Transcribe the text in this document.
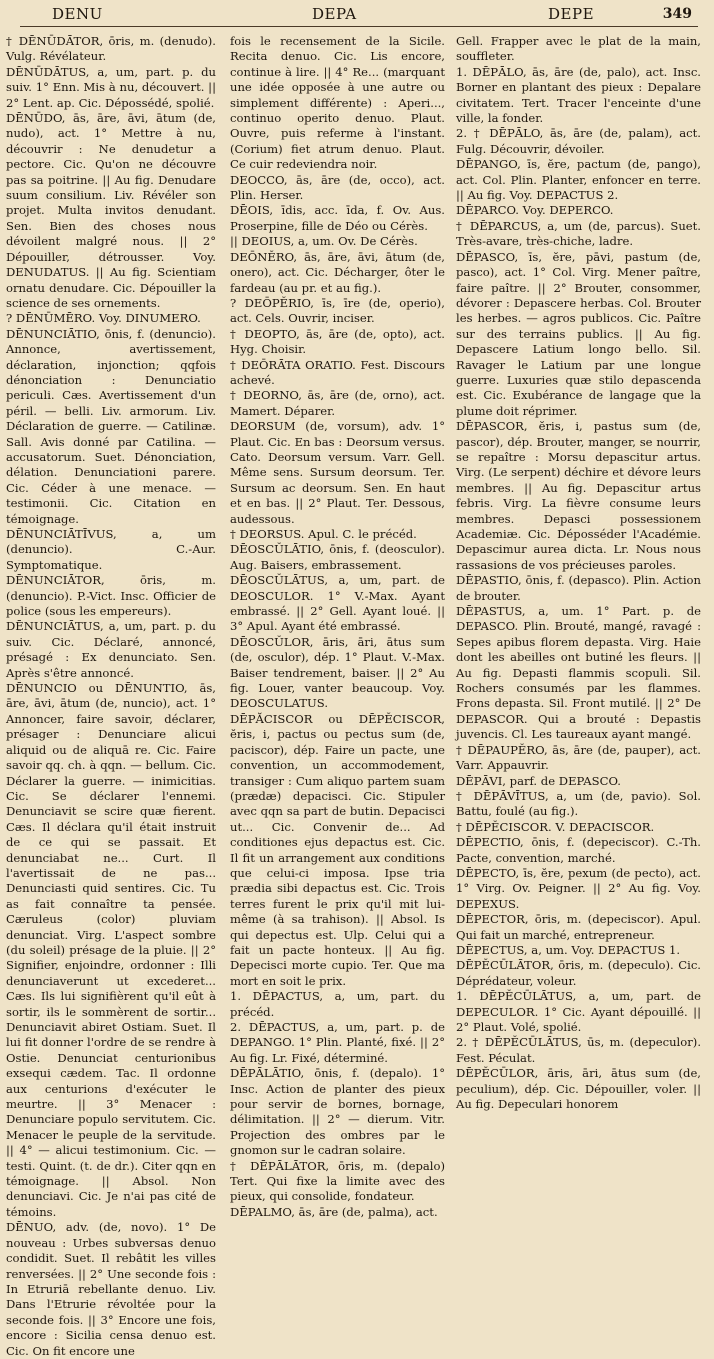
DENU	DEPA	DEPE	349

† DĒNŪDĀTOR, ōris, m. (denudo). Vulg. Révélateur.

DĒNŪDĀTUS, a, um, part. p. du suiv. 1° Enn. Mis à nu, découvert. || 2° Lent. ap. Cic. Dépossédé, spolié.

DĒNŪDO, ās, āre, āvi, ātum (de, nudo), act. 1° Mettre à nu, découvrir : Ne denudetur a pectore. Cic. Qu'on ne découvre pas sa poitrine. || Au fig. Denudare suum consilium. Liv. Révéler son projet. Multa invitos denudant. Sen. Bien des choses nous dévoilent malgré nous. || 2° Dépouiller, détrousser. Voy. DENUDATUS. || Au fig. Scientiam ornatu denudare. Cic. Dépouiller la science de ses ornements.

? DĒNŪMĒRO. Voy. DINUMERO.

DĒNUNCIĀTIO, ōnis, f. (denuncio). Annonce, avertissement, déclaration, injonction; qqfois dénonciation : Denunciatio periculi. Cæs. Avertissement d'un péril. — belli. Liv. armorum. Liv. Déclaration de guerre. — Catilinæ. Sall. Avis donné par Catilina. — accusatorum. Suet. Dénonciation, délation. Denunciationi parere. Cic. Céder à une menace. — testimonii. Cic. Citation en témoignage.

DĒNUNCIĀTĪVUS, a, um (denuncio). C.-Aur. Symptomatique.

DĒNUNCIĀTOR, ōris, m. (denuncio). P.-Vict. Insc. Officier de police (sous les empereurs).

DĒNUNCIĀTUS, a, um, part. p. du suiv. Cic. Déclaré, annoncé, présagé : Ex denunciato. Sen. Après s'être annoncé.

DĒNUNCIO ou DĒNUNTIO, ās, āre, āvi, ātum (de, nuncio), act. 1° Annoncer, faire savoir, déclarer, présager : Denunciare alicui aliquid ou de aliquā re. Cic. Faire savoir qq. ch. à qqn. — bellum. Cic. Déclarer la guerre. — inimicitias. Cic. Se déclarer l'ennemi. Denunciavit se scire quæ fierent. Cæs. Il déclara qu'il était instruit de ce qui se passait. Et denunciabat ne... Curt. Il l'avertissait de ne pas... Denunciasti quid sentires. Cic. Tu as fait connaître ta pensée. Cæruleus (color) pluviam denunciat. Virg. L'aspect sombre (du soleil) présage de la pluie. || 2° Signifier, enjoindre, ordonner : Illi denunciaverunt ut excederet... Cæs. Ils lui signifièrent qu'il eût à sortir, ils le sommèrent de sortir... Denunciavit abiret Ostiam. Suet. Il lui fit donner l'ordre de se rendre à Ostie. Denunciat centurionibus exsequi cædem. Tac. Il ordonne aux centurions d'exécuter le meurtre. || 3° Menacer : Denunciare populo servitutem. Cic. Menacer le peuple de la servitude. || 4° — alicui testimonium. Cic. — testi. Quint. (t. de dr.). Citer qqn en témoignage. || Absol. Non denunciavi. Cic. Je n'ai pas cité de témoins.

DĒNUO, adv. (de, novo). 1° De nouveau : Urbes subversas denuo condidit. Suet. Il rebâtit les villes renversées. || 2° Une seconde fois : In Etruriā rebellante denuo. Liv. Dans l'Etrurie révoltée pour la seconde fois. || 3° Encore une fois, encore : Sicilia censa denuo est. Cic. On fit encore une

fois le recensement de la Sicile. Recita denuo. Cic. Lis encore, continue à lire. || 4° Re... (marquant une idée opposée à une autre ou simplement différente) : Aperi..., continuo operito denuo. Plaut. Ouvre, puis referme à l'instant. (Corium) fiet atrum denuo. Plaut. Ce cuir redeviendra noir.

DEOCCO, ās, āre (de, occo), act. Plin. Herser.

DĒOIS, īdis, acc. īda, f. Ov. Aus. Proserpine, fille de Déo ou Cérès.

|| DEOIUS, a, um. Ov. De Cérès.

DEŌNĔRO, ās, āre, āvi, ātum (de, onero), act. Cic. Décharger, ôter le fardeau (au pr. et au fig.).

? DEŌPĔRIO, īs, īre (de, operio), act. Cels. Ouvrir, inciser.

† DEOPTO, ās, āre (de, opto), act. Hyg. Choisir.

† DEŌRĀTA ORATIO. Fest. Discours achevé.

† DEORNO, ās, āre (de, orno), act. Mamert. Déparer.

DEORSUM (de, vorsum), adv. 1° Plaut. Cic. En bas : Deorsum versus. Cato. Deorsum versum. Varr. Gell. Même sens. Sursum deorsum. Ter. Sursum ac deorsum. Sen. En haut et en bas. || 2° Plaut. Ter. Dessous, audessous.

† DEORSUS. Apul. C. le précéd.

DĒOSCŬLĀTIO, ōnis, f. (deosculor). Aug. Baisers, embrassement.

DĒOSCŬLĀTUS, a, um, part. de DEOSCULOR. 1° V.-Max. Ayant embrassé. || 2° Gell. Ayant loué. || 3° Apul. Ayant été embrassé.

DĒOSCŬLOR, āris, āri, ātus sum (de, osculor), dép. 1° Plaut. V.-Max. Baiser tendrement, baiser. || 2° Au fig. Louer, vanter beaucoup. Voy. DEOSCULATUS.

DĒPĂCISCOR ou DĒPĔCISCOR, ĕris, i, pactus ou pectus sum (de, paciscor), dép. Faire un pacte, une convention, un accommodement, transiger : Cum aliquo partem suam (prædæ) depacisci. Cic. Stipuler avec qqn sa part de butin. Depacisci ut... Cic. Convenir de... Ad conditiones ejus depactus est. Cic. Il fit un arrangement aux conditions que celui-ci imposa. Ipse tria prædia sibi depactus est. Cic. Trois terres furent le prix qu'il mit lui-même (à sa trahison). || Absol. Is qui depectus est. Ulp. Celui qui a fait un pacte honteux. || Au fig. Depecisci morte cupio. Ter. Que ma mort en soit le prix.

1. DĒPACTUS, a, um, part. du précéd.

2. DĒPACTUS, a, um, part. p. de DEPANGO. 1° Plin. Planté, fixé. || 2° Au fig. Lr. Fixé, déterminé.

DĒPĀLĀTIO, ōnis, f. (depalo). 1° Insc. Action de planter des pieux pour servir de bornes, bornage, délimitation. || 2° — dierum. Vitr. Projection des ombres par le gnomon sur le cadran solaire.

† DĒPĀLĀTOR, ōris, m. (depalo) Tert. Qui fixe la limite avec des pieux, qui consolide, fondateur.

DĒPALMO, ās, āre (de, palma), act.

Gell. Frapper avec le plat de la main, souffleter.

1. DĒPĀLO, ās, āre (de, palo), act. Insc. Borner en plantant des pieux : Depalare civitatem. Tert. Tracer l'enceinte d'une ville, la fonder.

2. † DĒPĀLO, ās, āre (de, palam), act. Fulg. Découvrir, dévoiler.

DĒPANGO, īs, ĕre, pactum (de, pango), act. Col. Plin. Planter, enfoncer en terre. || Au fig. Voy. DEPACTUS 2.

DĒPARCO. Voy. DEPERCO.

† DĒPARCUS, a, um (de, parcus). Suet. Très-avare, très-chiche, ladre.

DĒPASCO, īs, ĕre, pāvi, pastum (de, pasco), act. 1° Col. Virg. Mener paître, faire paître. || 2° Brouter, consommer, dévorer : Depascere herbas. Col. Brouter les herbes. — agros publicos. Cic. Paître sur des terrains publics. || Au fig. Depascere Latium longo bello. Sil. Ravager le Latium par une longue guerre. Luxuries quæ stilo depascenda est. Cic. Exubérance de langage que la plume doit réprimer.

DĒPASCOR, ĕris, i, pastus sum (de, pascor), dép. Brouter, manger, se nourrir, se repaître : Morsu depascitur artus. Virg. (Le serpent) déchire et dévore leurs membres. || Au fig. Depascitur artus febris. Virg. La fièvre consume leurs membres. Depasci possessionem Academiæ. Cic. Déposséder l'Académie. Depascimur aurea dicta. Lr. Nous nous rassasions de vos précieuses paroles.

DĒPASTIO, ōnis, f. (depasco). Plin. Action de brouter.

DĒPASTUS, a, um. 1° Part. p. de DEPASCO. Plin. Brouté, mangé, ravagé : Sepes apibus florem depasta. Virg. Haie dont les abeilles ont butiné les fleurs. || Au fig. Depasti flammis scopuli. Sil. Rochers consumés par les flammes. Frons depasta. Sil. Front mutilé. || 2° De DEPASCOR. Qui a brouté : Depastis juvencis. Cl. Les taureaux ayant mangé.

† DĒPAUPĔRO, ās, āre (de, pauper), act. Varr. Appauvrir.

DĒPĀVI, parf. de DEPASCO.

† DĒPĀVĪTUS, a, um (de, pavio). Sol. Battu, foulé (au fig.).

† DĒPĔCISCOR. V. DEPACISCOR.

DĒPECTIO, ōnis, f. (depeciscor). C.-Th. Pacte, convention, marché.

DĒPECTO, īs, ĕre, pexum (de pecto), act. 1° Virg. Ov. Peigner. || 2° Au fig. Voy. DEPEXUS.

DĒPECTOR, ōris, m. (depeciscor). Apul. Qui fait un marché, entrepreneur.

DĒPECTUS, a, um. Voy. DEPACTUS 1.

DĒPĔCŪLĀTOR, ōris, m. (depeculo). Cic. Déprédateur, voleur.

1. DĒPĔCŪLĀTUS, a, um, part. de DEPECULOR. 1° Cic. Ayant dépouillé. || 2° Plaut. Volé, spolié.

2. † DĒPĔCŪLĀTUS, ūs, m. (depeculor). Fest. Péculat.

DĒPĔCŪLOR, āris, āri, ātus sum (de, peculium), dép. Cic. Dépouiller, voler. || Au fig. Depeculari honorem
